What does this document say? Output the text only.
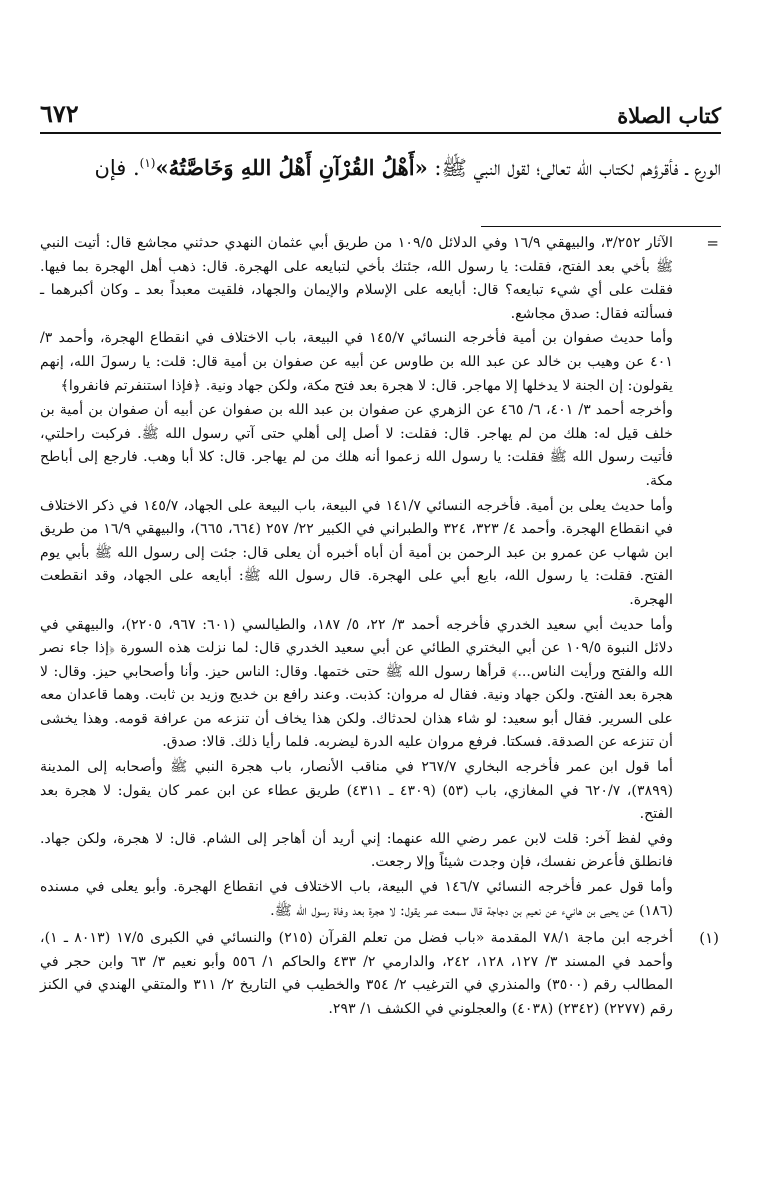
كتاب الصلاة
٦٧٢
الورع ـ فأقرؤهم لكتاب الله تعالى؛ لقول النبي ﷺ: «أَهْلُ القُرْآنِ أَهْلُ اللهِ وَخَاصَّتُهُ»$^{(١)}$. فإن
=

الآثار ٣/٢٥٢، والبيهقي ١٦/٩ وفي الدلائل ١٠٩/٥ من طريق أبي عثمان النهدي حدثني مجاشع قال: أتيت النبي ﷺ بأخي بعد الفتح، فقلت: يا رسول الله، جئتك بأخي لتبايعه على الهجرة. قال: ذهب أهل الهجرة بما فيها. فقلت على أي شيء تبايعه؟ قال: أبايعه على الإسلام والإيمان والجهاد، فلقيت معبداً بعد ـ وكان أكبرهما ـ فسألته فقال: صدق مجاشع.

وأما حديث صفوان بن أمية فأخرجه النسائي ١٤٥/٧ في البيعة، باب الاختلاف في انقطاع الهجرة، وأحمد ٣/ ٤٠١ عن وهيب بن خالد عن عبد الله بن طاوس عن أبيه عن صفوان بن أمية قال: قلت: يا رسولَ الله، إنهم يقولون: إن الجنة لا يدخلها إلا مهاجر. قال: لا هجرة بعد فتح مكة، ولكن جهاد ونية. ﴿فإذا استنفرتم فانفروا﴾

وأخرجه أحمد ٣/ ٤٠١، ٦/ ٤٦٥ عن الزهري عن صفوان بن عبد الله بن صفوان عن أبيه أن صفوان بن أمية بن خلف قيل له: هلك من لم يهاجر. قال: فقلت: لا أصل إلى أهلي حتى آتي رسول الله ﷺ. فركبت راحلتي، فأتيت رسول الله ﷺ فقلت: يا رسول الله زعموا أنه هلك من لم يهاجر. قال: كلا أبا وهب. فارجع إلى أباطح مكة.

وأما حديث يعلى بن أمية. فأخرجه النسائي ١٤١/٧ في البيعة، باب البيعة على الجهاد، ١٤٥/٧ في ذكر الاختلاف في انقطاع الهجرة. وأحمد ٤/ ٣٢٣، ٣٢٤ والطبراني في الكبير ٢٢/ ٢٥٧ (٦٦٤، ٦٦٥)، والبيهقي ١٦/٩ من طريق ابن شهاب عن عمرو بن عبد الرحمن بن أمية أن أباه أخبره أن يعلى قال: جئت إلى رسول الله ﷺ بأبي يوم الفتح. فقلت: يا رسول الله، بايع أبي على الهجرة. قال رسول الله ﷺ: أبايعه على الجهاد، وقد انقطعت الهجرة.

وأما حديث أبي سعيد الخدري فأخرجه أحمد ٣/ ٢٢، ٥/ ١٨٧، والطيالسي (٦٠١: ٩٦٧، ٢٢٠٥)، والبيهقي في دلائل النبوة ١٠٩/٥ عن أبي البختري الطائي عن أبي سعيد الخدري قال: لما نزلت هذه السورة ﴿إذا جاء نصر الله والفتح ورأيت الناس...﴾ قرأها رسول الله ﷺ حتى ختمها. وقال: الناس حيز. وأنا وأصحابي حيز. وقال: لا هجرة بعد الفتح. ولكن جهاد ونية. فقال له مروان: كذبت. وعند رافع بن خديج وزيد بن ثابت. وهما قاعدان معه على السرير. فقال أبو سعيد: لو شاء هذان لحدثاك. ولكن هذا يخاف أن تنزعه من عرافة قومه. وهذا يخشى أن تنزعه عن الصدقة. فسكتا. فرفع مروان عليه الدرة ليضربه. فلما رأيا ذلك. قالا: صدق.

أما قول ابن عمر فأخرجه البخاري ٢٦٧/٧ في مناقب الأنصار، باب هجرة النبي ﷺ وأصحابه إلى المدينة (٣٨٩٩)، ٦٢٠/٧ في المغازي، باب (٥٣) (٤٣٠٩ ـ ٤٣١١) طريق عطاء عن ابن عمر كان يقول: لا هجرة بعد الفتح.

وفي لفظ آخر: قلت لابن عمر رضي الله عنهما: إني أريد أن أهاجر إلى الشام. قال: لا هجرة، ولكن جهاد. فانطلق فأعرض نفسك، فإن وجدت شيئاً وإلا رجعت.

وأما قول عمر فأخرجه النسائي ١٤٦/٧ في البيعة، باب الاختلاف في انقطاع الهجرة. وأبو يعلى في مسنده (١٨٦) عن يحيى بن هانيء عن نعيم بن دجاجة قال سمعت عمر يقول: لا هجرة بعد وفاة رسول الله ﷺ.

(١)

أخرجه ابن ماجة ٧٨/١ المقدمة «باب فضل من تعلم القرآن (٢١٥) والنسائي في الكبرى ١٧/٥ (٨٠١٣ ـ ١)، وأحمد في المسند ٣/ ١٢٧، ١٢٨، ٢٤٢، والدارمي ٢/ ٤٣٣ والحاكم ١/ ٥٥٦ وأبو نعيم ٣/ ٦٣ وابن حجر في المطالب رقم (٣٥٠٠) والمنذري في الترغيب ٢/ ٣٥٤ والخطيب في التاريخ ٢/ ٣١١ والمتقي الهندي في الكنز رقم (٢٢٧٧) (٢٣٤٢) (٤٠٣٨) والعجلوني في الكشف ١/ ٢٩٣.
